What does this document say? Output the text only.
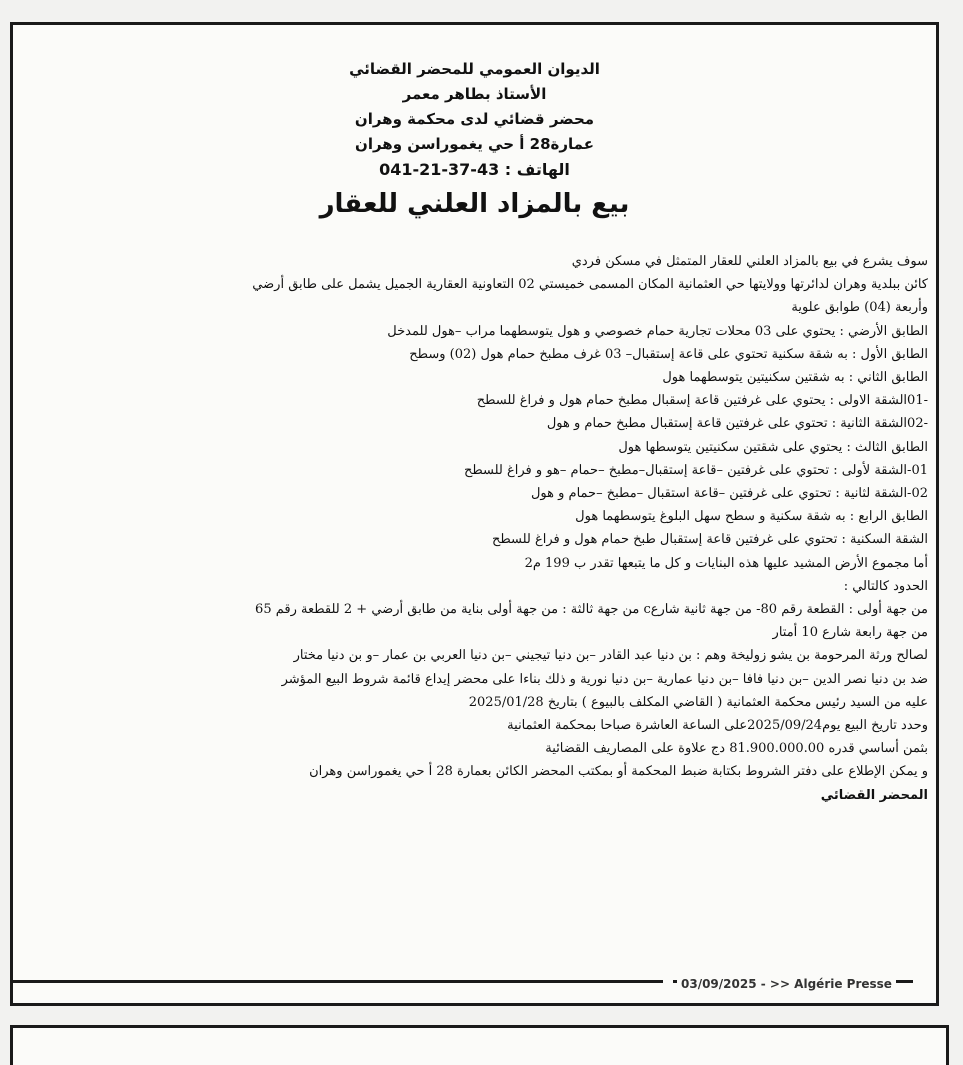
الديوان العمومي للمحضر القضائي
الأستاذ بطاهر معمر
محضر قضائي لدى محكمة وهران
عمارة28 أ حي يغموراسن وهران
الهاتف : 041-21-37-43
بيع بالمزاد العلني للعقار

سوف يشرع في بيع بالمزاد العلني للعقار المتمثل في مسكن فردي

كائن ببلدية وهران لدائرتها وولايتها حي العثمانية المكان المسمى خميستي 02 التعاونية العقارية الجميل يشمل على طابق أرضي

وأربعة (04) طوابق علوية

الطابق الأرضي : يحتوي على 03 محلات تجارية حمام خصوصي و هول يتوسطهما مراب –هول للمدخل

الطابق الأول : به شقة سكنية تحتوي على قاعة إستقبال– 03 غرف مطبخ حمام هول (02) وسطح

الطابق الثاني : به شقتين سكنيتين يتوسطهما هول

-01الشقة الاولى : يحتوي على غرفتين قاعة إسقبال مطبخ حمام هول و فراغ للسطح

-02الشقة الثانية : تحتوي على غرفتين قاعة إستقبال مطبخ حمام و هول

الطابق الثالث : يحتوي على شقتين سكنيتين يتوسطها هول

01-الشقة لأولى : تحتوي على غرفتين –قاعة إستقبال–مطبخ –حمام –هو و فراغ للسطح

02-الشقة لثانية : تحتوي على غرفتين –قاعة استقبال –مطبخ –حمام و هول

الطابق الرابع : به شقة سكنية و سطح سهل البلوغ يتوسطهما هول

الشقة السكنية : تحتوي على غرفتين قاعة إستقبال طبخ حمام هول و فراغ للسطح

أما مجموع الأرض المشيد عليها هذه البنايات و كل ما يتبعها تقدر ب 199 م2

الحدود كالتالي :

من جهة أولى : القطعة رقم 80- من جهة ثانية شارعc من جهة ثالثة : من جهة أولى بناية من طابق أرضي + 2 للقطعة رقم 65

من جهة رابعة شارع 10 أمتار

لصالح ورثة المرحومة بن يشو زوليخة وهم : بن دنيا عبد القادر –بن دنيا تيجيني –بن دنيا العربي بن عمار –و بن دنيا مختار

ضد بن دنيا نصر الدين –بن دنيا فافا –بن دنيا عمارية –بن دنيا نورية و ذلك بناءا على محضر إيداع قائمة شروط البيع المؤشر

عليه من السيد رئيس محكمة العثمانية ( القاضي المكلف بالبيوع ) بتاريخ 2025/01/28

وحدد تاريخ البيع يوم2025/09/24على الساعة العاشرة صباحا بمحكمة العثمانية

بثمن أساسي قدره 81.900.000.00 دج علاوة على المصاريف القضائية

و يمكن الإطلاع على دفتر الشروط بكتابة ضبط المحكمة أو بمكتب المحضر الكائن بعمارة 28 أ حي يغموراسن وهران

المحضر القضائي

03/09/2025 - >> Algérie Presse
